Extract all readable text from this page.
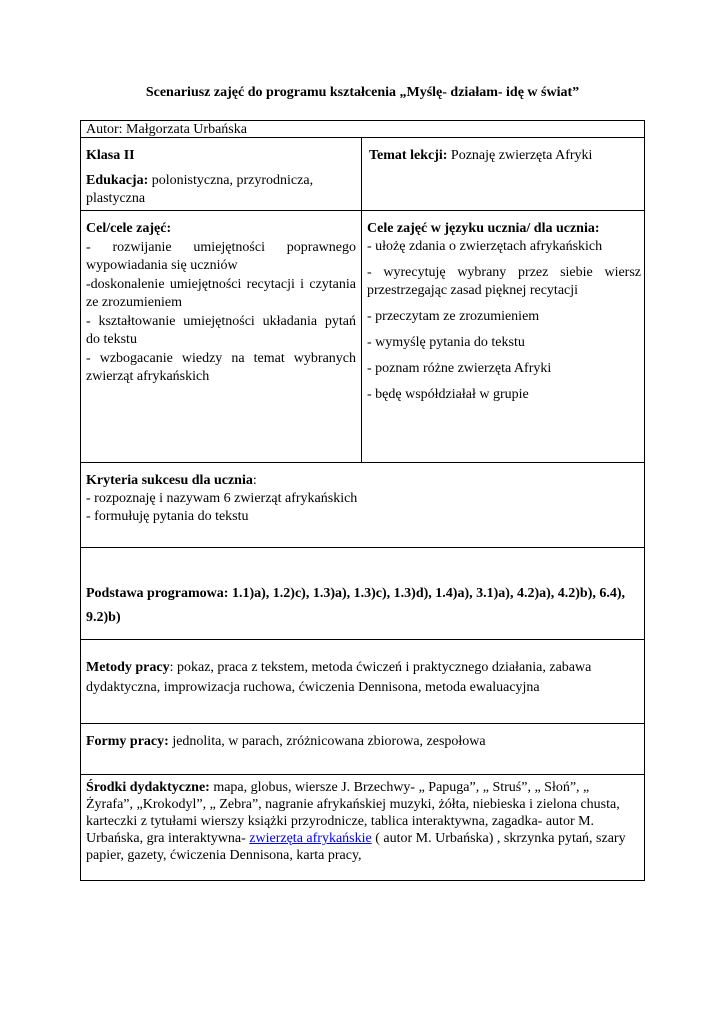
Scenariusz zajęć do programu kształcenia „Myślę- działam- idę w świat”
Autor: Małgorzata Urbańska

Klasa II

Edukacja: polonistyczna, przyrodnicza, plastyczna

Temat lekcji: Poznaję zwierzęta Afryki

Cel/cele zajęć:

- rozwijanie umiejętności poprawnego wypowiadania się uczniów

-doskonalenie umiejętności recytacji i czytania ze zrozumieniem

- kształtowanie umiejętności układania pytań do tekstu

- wzbogacanie wiedzy na temat wybranych zwierząt afrykańskich

Cele zajęć w języku ucznia/ dla ucznia:

- ułożę zdania o zwierzętach afrykańskich

- wyrecytuję wybrany przez siebie wiersz przestrzegając zasad pięknej recytacji

- przeczytam ze zrozumieniem

- wymyślę pytania do tekstu

- poznam różne zwierzęta Afryki

- będę współdziałał w grupie

Kryteria sukcesu dla ucznia:

- rozpoznaję i nazywam 6 zwierząt afrykańskich

- formułuję pytania do tekstu

Podstawa programowa: 1.1)a), 1.2)c), 1.3)a), 1.3)c), 1.3)d), 1.4)a), 3.1)a), 4.2)a), 4.2)b), 6.4), 9.2)b)

Metody pracy: pokaz, praca z tekstem, metoda ćwiczeń i praktycznego działania, zabawa dydaktyczna, improwizacja ruchowa, ćwiczenia Dennisona, metoda ewaluacyjna

Formy pracy: jednolita, w parach, zróżnicowana zbiorowa, zespołowa

Środki dydaktyczne: mapa, globus, wiersze J. Brzechwy- „ Papuga”, „ Struś”, „ Słoń”, „ Żyrafa”, „Krokodyl”, „ Zebra”, nagranie afrykańskiej muzyki, żółta, niebieska i zielona chusta, karteczki z tytułami wierszy książki przyrodnicze, tablica interaktywna, zagadka- autor M. Urbańska, gra interaktywna- zwierzęta afrykańskie ( autor M. Urbańska) , skrzynka pytań, szary papier, gazety, ćwiczenia Dennisona, karta pracy,
